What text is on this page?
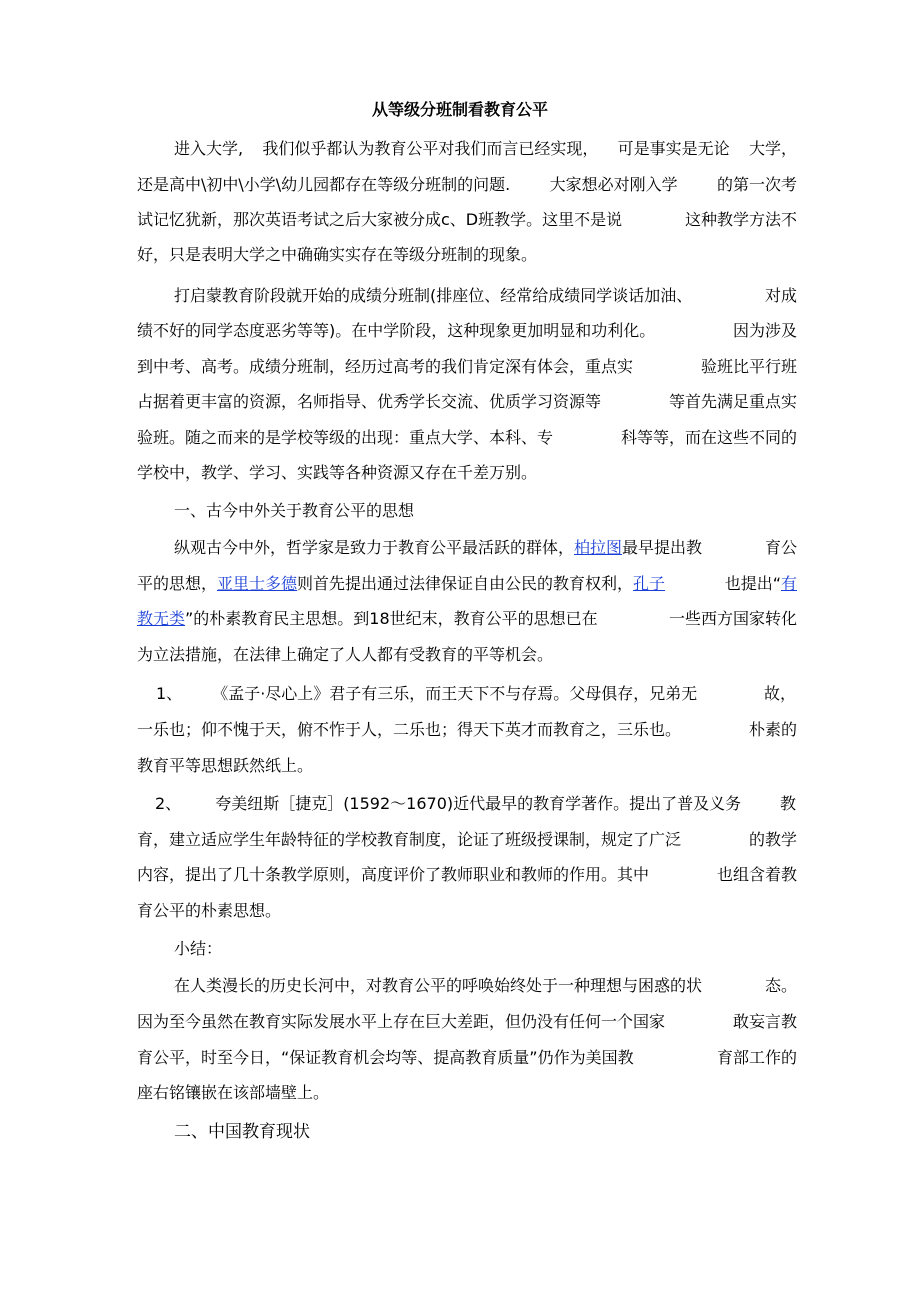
从等级分班制看教育公平
进入大学, 我们似乎都认为教育公平对我们而言已经实现， 可是事实是无论 大学，
还是高中\初中\小学\幼儿园都存在等级分班制的问题. 大家想必对刚入学 的第一次考
试记忆犹新，那次英语考试之后大家被分成c、D班教学。这里不是说	这种教学方法不
好，只是表明大学之中确确实实存在等级分班制的现象。
打启蒙教育阶段就开始的成绩分班制(排座位、经常给成绩同学谈话加油、	对成
绩不好的同学态度恶劣等等)。在中学阶段，这种现象更加明显和功利化。	因为涉及
到中考、高考。成绩分班制，经历过高考的我们肯定深有体会，重点实	验班比平行班
占据着更丰富的资源，名师指导、优秀学长交流、优质学习资源等	等首先满足重点实
验班。随之而来的是学校等级的出现：重点大学、本科、专	科等等，而在这些不同的
学校中，教学、学习、实践等各种资源又存在千差万别。
一、古今中外关于教育公平的思想
纵观古今中外，哲学家是致力于教育公平最活跃的群体，柏拉图最早提出教	育公
平的思想，亚里士多德则首先提出通过法律保证自由公民的教育权利，孔子	也提出“有
教无类”的朴素教育民主思想。到18世纪末，教育公平的思想已在	一些西方国家转化
为立法措施，在法律上确定了人人都有受教育的平等机会。
1、 《孟子·尽心上》君子有三乐，而王天下不与存焉。父母俱存，兄弟无	故，
一乐也；仰不愧于天，俯不怍于人，二乐也；得天下英才而教育之，三乐也。	朴素的
教育平等思想跃然纸上。
2、 夸美纽斯［捷克］(1592～1670)近代最早的教育学著作。提出了普及义务 教
育，建立适应学生年龄特征的学校教育制度，论证了班级授课制，规定了广泛	的教学
内容，提出了几十条教学原则，高度评价了教师职业和教师的作用。其中	也组含着教
育公平的朴素思想。
小结：
在人类漫长的历史长河中，对教育公平的呼唤始终处于一种理想与困惑的状	态。
因为至今虽然在教育实际发展水平上存在巨大差距，但仍没有任何一个国家	敢妄言教
育公平，时至今日，“保证教育机会均等、提高教育质量”仍作为美国教	育部工作的
座右铭镶嵌在该部墙壁上。
二、中国教育现状
